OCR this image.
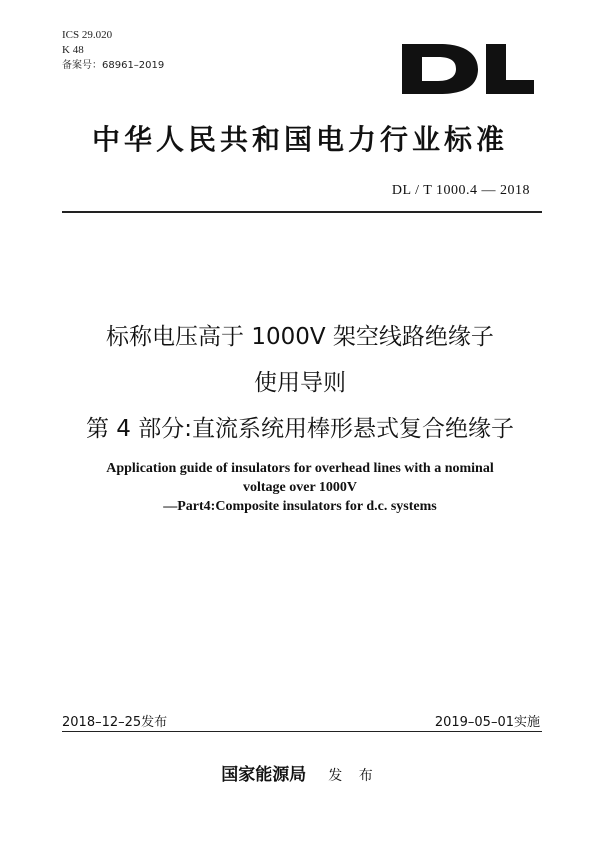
ICS 29.020
K 48
备案号：68961–2019
中华人民共和国电力行业标准
DL / T 1000.4 — 2018
标称电压高于 1000V 架空线路绝缘子
使用导则
第 4 部分:直流系统用棒形悬式复合绝缘子
Application guide of insulators for overhead lines with a nominal
voltage over 1000V
—Part4:Composite insulators for d.c. systems
2018–12–25发布	2019–05–01实施
国家能源局 发 布
